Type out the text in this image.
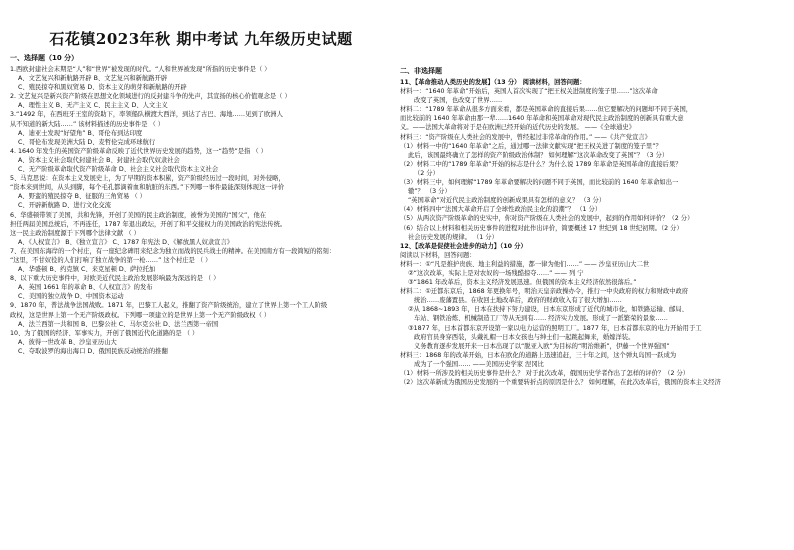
石花镇2023年秋 期中考试 九年级历史试题
一、选择题（10 分）
1.西欧封建社会末期是“人”和“世界”被发现的时代。“人和世界被发现”所指的历史事件是（ ）
A、文艺复兴和新航路开辟 B、文艺复兴和新航路开辟
C、殖民掠夺和黑奴贸易 D、资本主义的萌芽和新航路的开辟
2. 文艺复兴是新兴资产阶级在思想文化领域进行的反封建斗争的先声，其宣扬的核心价值观念是（ ）
A、理性主义 B、无产主义 C、民主主义 D、人文主义
3.“1492 年，在西班牙王室的资助下，率领船队横渡大西洋，到达了古巴、海地……见到了欧洲人
从不知道的新大陆……” 该材料描述的历史事件是 （ ）
A、迪亚士发现“好望角” B、哥伦布到达印度
C、哥伦布发现美洲大陆 D、麦哲伦完成环球航行
4. 1640 年发生的英国资产阶级革命反映了近代世界历史发展的趋势，这一“趋势”是指 （ ）
A、资本主义社会取代封建社会 B、封建社会取代奴隶社会
C、无产阶级革命取代资产阶级革命 D、社会主义社会取代资本主义社会
5、马克思说：在资本主义发展史上，为了早期的资本积累，资产阶级经历过一段时间，对外侵略，
“资本来到世间，从头到脚，每个毛孔都滴着血和肮脏的东西。”下列哪一事件最能深刻体现这一评价
A、野蛮的殖民掠夺 B、征服的三角贸易 （ ）
C、开辟新航路 D、进行文化交流
6、华盛顿带领了美国，共和先锋，开创了美国的民主政治制度，被誉为美国的“国父”，他在
担任两届美国总统后，不再连任，1787 年退出政坛，开创了和平交接权力的美国政治的宪法传统。
这一民主政治制度源于下列哪个法律文献 （ ）
A、《人权宣言》 B、《独立宣言》 C、1787 年宪法 D、《解放黑人奴隶宣言》
7、在美国东海岸的一个村庄，有一座纪念碑用来纪念为独立而战的民兵战士的精神。在美国南方有一段简短的铭刻：
“这里，不甘奴役的人们打响了独立战争的第一枪……” 这个村庄是 （ ）
A、华盛顿 B、约克镇 C、来克星顿 D、萨拉托加
8、以下重大历史事件中，对欧美近代民主政治发展影响最为深远的是 （ ）
A、英国 1661 年的革命 B、《人权宣言》的发布
C、美国的独立战争 D、中国资本运动
9、1870 年，普法战争法国战败。1871 年，巴黎工人起义，推翻了资产阶级统治，建立了世界上第一个工人阶级
政权，这是世界上第一个无产阶级政权。下列哪一项建立的是世界上第一个无产阶级政权（ ）
A、法兰西第一共和国 B、巴黎公社 C、马尔克公社 D、法兰西第一帝国
10、为了俄国的经济、军事实力，开创了俄国近代化道路的是 （ ）
A、彼得一世改革 B、沙皇亚历山大
C、夺取波罗的海出海口 D、俄国民族反动统治的推翻
二、非选择题
11、【革命推动人类历史的发展】（13 分） 阅读材料，回答问题：
材料一：“1640 年革命”开始后，英国人首次实现了“把王权关进制度的笼子里……”这次革命
改变了英国，也改变了世界……
材料二：“1789 年革命从很多方面来看，都是英国革命的直接后果……但它要解决的问题却不同于英国，
而比较前的 1640 年革命由那一辈……1640 年革命和英国革命对现代民主政治制度的创新具有重大意
义。——法国大革命将对于是在欧洲已经开始的近代历史的发展。 ——《全球通史》
材料三：“资产阶级在人类社会的发展中，曾经起过非常革命的作用。” ——《共产党宣言》
（1）材料一中的“1640 年革命”之后，通过哪一法律文献实现“把王权关进了制度的笼子里”？
此后，该国最终确立了怎样的资产阶级政治体制？ 如何理解“这次革命改变了英国”？（3 分）
（2）材料二中的“1789 年革命”开始的标志是什么？为什么说 1789 年革命是英国革命的直接后果？
（2 分）
（3）材料三中，如何理解“1789 年革命要解决的问题不同于英国，而比较前的 1640 年革命如出一
辙”？ （3 分）
“英国革命”对近代民主政治制度的创新成果具有怎样的意义？ （3 分）
（4）材料四中“法国大革命开启了全球性政治民主化的浪潮”？ （1 分）
（5）从两次资产阶级革命的史实中，你对资产阶级在人类社会的发展中，起到的作用如何评价？（2 分）
（6）结合以上材料和相关历史事件的进程对此作出评价，简要概述 17 世纪到 18 世纪初期。（2 分）
社会历史发展的规律。 （1 分）
12、【改革是促使社会进步的动力】（10 分）
阅读以下材料，回答问题：
材料一：①“凡是推护贵族、地主利益的措施，都一律为他们……” —— 沙皇亚历山大二世
②“这次改革，实际上是对农奴的一场残酷掠夺……” —— 列 宁
③“1861 年改革后，资本主义经济发展迅速。但俄国的资本主义经济依然很落后。”
材料二：①迁都东京后，1868 年更换年号，明治天皇亲政操办令，推行一中央政府的权力和财政中政府
统治……废藩置县。在收回土地改革后，政府的财政收入有了很大增加……
②从 1868~1893 年，日本在扶持下努力建设，日本东京形成了近代的城市化，如铁路运输、邮局、
车站、钢铁冶炼、机械制造工厂等从无到有…… 经济实力发展。形成了一派繁荣的景象……
③1877 年，日本首都东京开设第一家以电力运营的照明工厂。1877 年，日本首都东京的电力开始用于工
政府官员身穿西装，头戴礼帽一日本女孩也与绅士们一起跳起舞来，婚嫁洋装。
义务教育逐步发展开来一日本出现了以“脱亚入欧”为目标的“明治维新”，伊藤一个世界强国”
材料三：1868 年的改革开始，日本在欧化的道路上迅速追赶，三十年之间，这个弹丸岛国一跃成为
成为了一个强国…… ——美国历史学家 涅冈比
（1）材料一所涉及的相关历史事件是什么？ 对于此次改革，俄国历史学者作出了怎样的评价？（2 分）
（2）这次革新成为俄国历史发展的一个重要转折点的原因是什么？ 如何理解，在此次改革后，俄国的资本主义经济
